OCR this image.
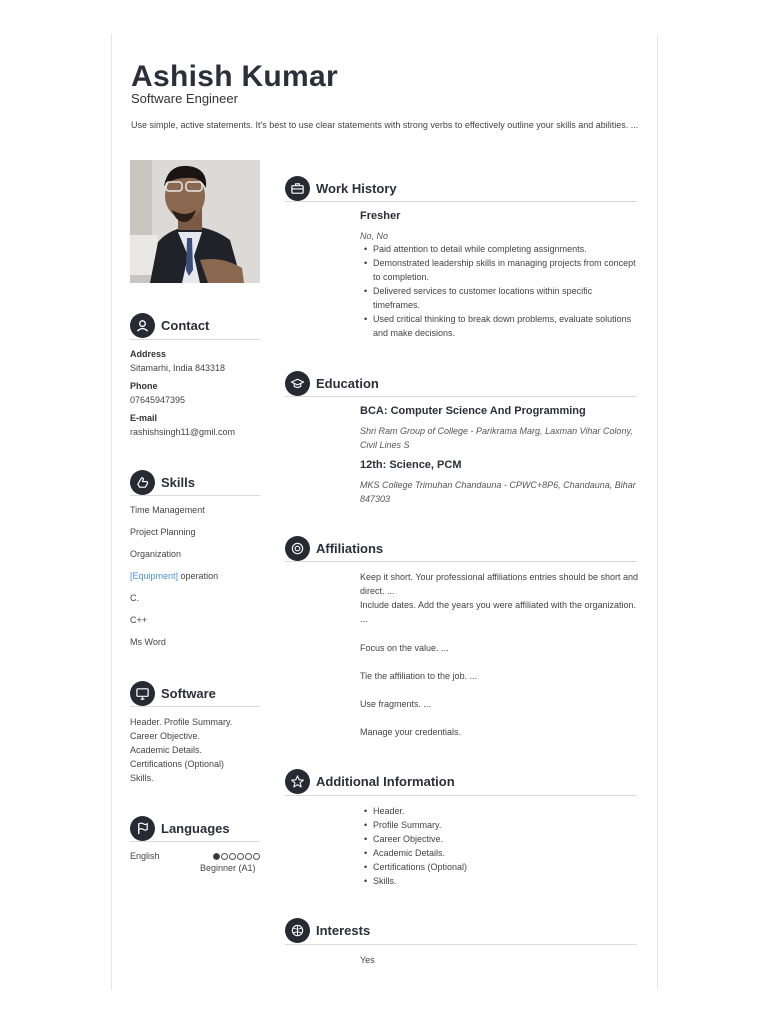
Ashish Kumar
Software Engineer
Use simple, active statements. It's best to use clear statements with strong verbs to effectively outline your skills and abilities. ...
Contact
Address
Sitamarhi, India 843318
Phone
07645947395
E-mail
rashishsingh11@gmil.com
Skills
Time Management
Project Planning
Organization
[Equipment] operation
C.
C++
Ms Word
Software
Header. Profile Summary.
Career Objective.
Academic Details.
Certifications (Optional)
Skills.
Languages
English
Beginner (A1)
Work History
Fresher
No, No
• Paid attention to detail while completing assignments.
• Demonstrated leadership skills in managing projects from concept to completion.
• Delivered services to customer locations within specific timeframes.
• Used critical thinking to break down problems, evaluate solutions and make decisions.
Education
BCA: Computer Science And Programming
Shri Ram Group of College - Parikrama Marg, Laxman Vihar Colony, Civil Lines S
12th: Science, PCM
MKS College Trimuhan Chandauna - CPWC+8P6, Chandauna, Bihar 847303
Affiliations
Keep it short. Your professional affiliations entries should be short and direct. ...
Include dates. Add the years you were affiliated with the organization. ...
Focus on the value. ...
Tie the affiliation to the job. ...
Use fragments. ...
Manage your credentials.
Additional Information
• Header.
• Profile Summary.
• Career Objective.
• Academic Details.
• Certifications (Optional)
• Skills.
Interests
Yes
